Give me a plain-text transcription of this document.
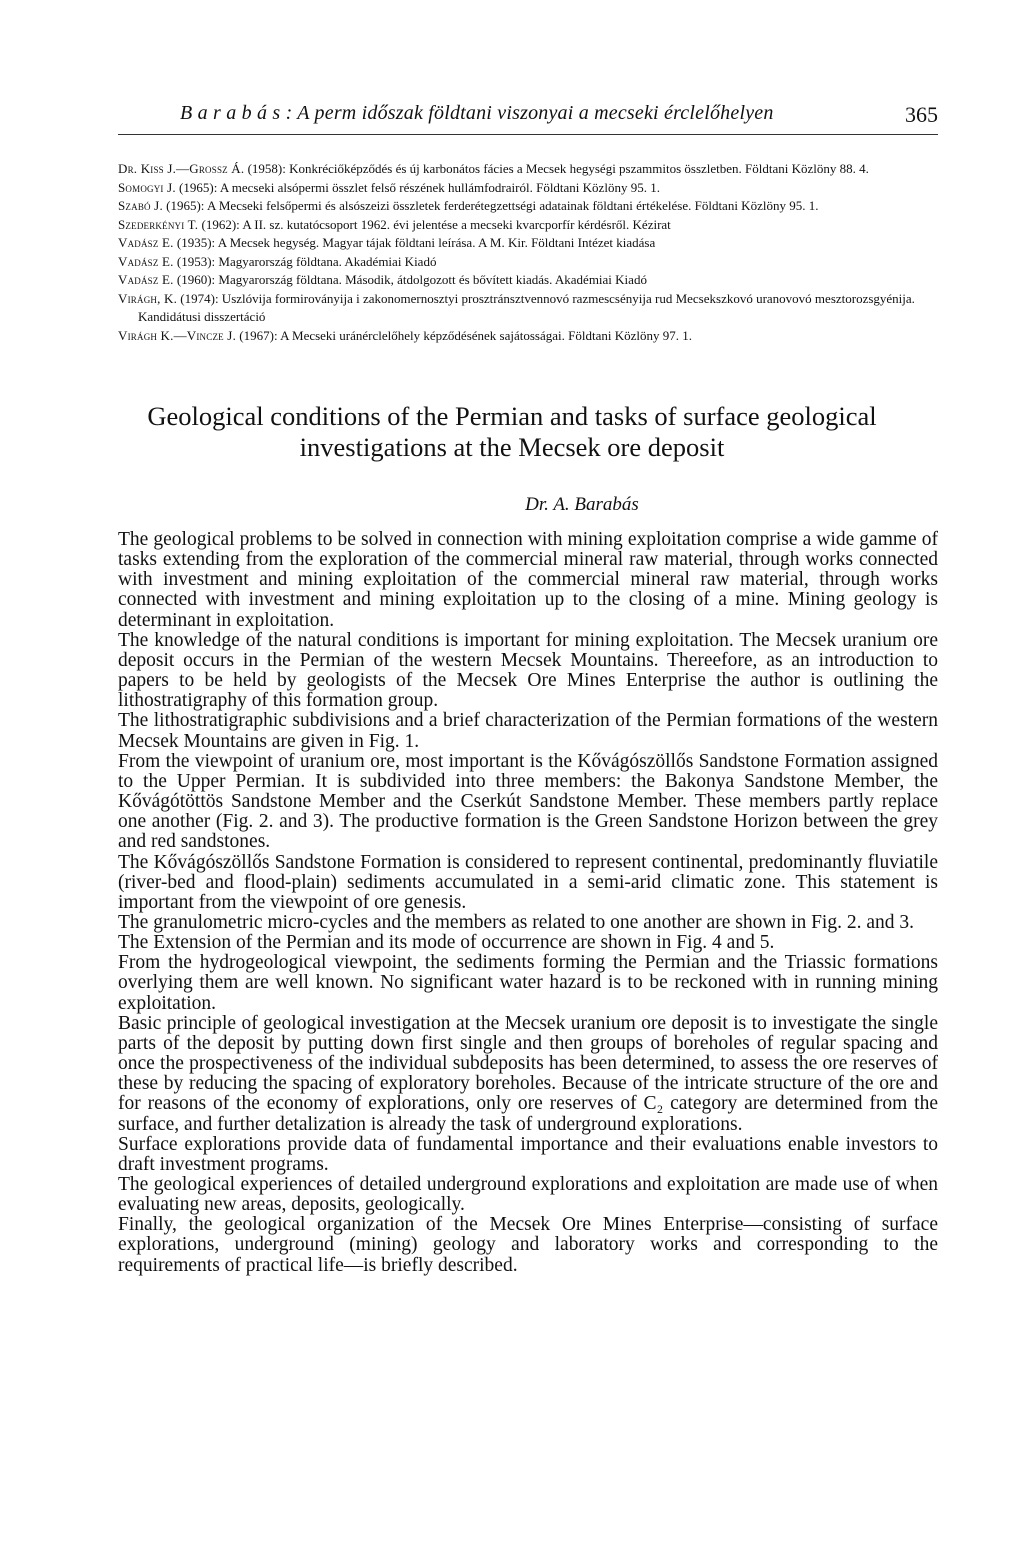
B a r a b á s : A perm időszak földtani viszonyai a mecseki érclelőhelyen	365

Dr. Kiss J.—Grossz Á. (1958): Konkréciőképződés és új karbonátos fácies a Mecsek hegységi pszammitos összletben. Földtani Közlöny 88. 4.

Somogyi J. (1965): A mecseki alsópermi összlet felső részének hullámfodrairól. Földtani Közlöny 95. 1.

Szabó J. (1965): A Mecseki felsőpermi és alsószeizi összletek ferderétegzettségi adatainak földtani értékelése. Földtani Közlöny 95. 1.

Szederkényi T. (1962): A II. sz. kutatócsoport 1962. évi jelentése a mecseki kvarcporfír kérdésről. Kézirat

Vadász E. (1935): A Mecsek hegység. Magyar tájak földtani leírása. A M. Kir. Földtani Intézet kiadása

Vadász E. (1953): Magyarország földtana. Akadémiai Kiadó

Vadász E. (1960): Magyarország földtana. Második, átdolgozott és bővített kiadás. Akadémiai Kiadó

Virágh, K. (1974): Uszlóvija formiroványija i zakonomernosztyi prosztránsztvennovó razmescsényija rud Mecsekszkovó uranovovó mesztorozsgyénija. Kandidátusi disszertáció

Virágh K.—Vincze J. (1967): A Mecseki uránérclelőhely képződésének sajátosságai. Földtani Közlöny 97. 1.

Geological conditions of the Permian and tasks of surface geological
investigations at the Mecsek ore deposit
Dr. A. Barabás

The geological problems to be solved in connection with mining exploitation comprise a wide gamme of tasks extending from the exploration of the commercial mineral raw material, through works connected with investment and mining exploitation of the commercial mineral raw material, through works connected with investment and mining exploitation up to the closing of a mine. Mining geology is determinant in exploitation.

The knowledge of the natural conditions is important for mining exploitation. The Mecsek uranium ore deposit occurs in the Permian of the western Mecsek Mountains. Thereefore, as an introduction to papers to be held by geologists of the Mecsek Ore Mines Enterprise the author is outlining the lithostratigraphy of this formation group.

The lithostratigraphic subdivisions and a brief characterization of the Permian formations of the western Mecsek Mountains are given in Fig. 1.

From the viewpoint of uranium ore, most important is the Kővágószöllős Sandstone Formation assigned to the Upper Permian. It is subdivided into three members: the Bakonya Sandstone Member, the Kővágótöttös Sandstone Member and the Cserkút Sandstone Member. These members partly replace one another (Fig. 2. and 3). The productive formation is the Green Sandstone Horizon between the grey and red sandstones.

The Kővágószöllős Sandstone Formation is considered to represent continental, predominantly fluviatile (river-bed and flood-plain) sediments accumulated in a semi-arid climatic zone. This statement is important from the viewpoint of ore genesis.

The granulometric micro-cycles and the members as related to one another are shown in Fig. 2. and 3.

The Extension of the Permian and its mode of occurrence are shown in Fig. 4 and 5.

From the hydrogeological viewpoint, the sediments forming the Permian and the Triassic formations overlying them are well known. No significant water hazard is to be reckoned with in running mining exploitation.

Basic principle of geological investigation at the Mecsek uranium ore deposit is to investigate the single parts of the deposit by putting down first single and then groups of boreholes of regular spacing and once the prospectiveness of the individual subdeposits has been determined, to assess the ore reserves of these by reducing the spacing of exploratory boreholes. Because of the intricate structure of the ore and for reasons of the economy of explorations, only ore reserves of C₂ category are determined from the surface, and further detalization is already the task of underground explorations.

Surface explorations provide data of fundamental importance and their evaluations enable investors to draft investment programs.

The geological experiences of detailed underground explorations and exploitation are made use of when evaluating new areas, deposits, geologically.

Finally, the geological organization of the Mecsek Ore Mines Enterprise—consisting of surface explorations, underground (mining) geology and laboratory works and corresponding to the requirements of practical life—is briefly described.
